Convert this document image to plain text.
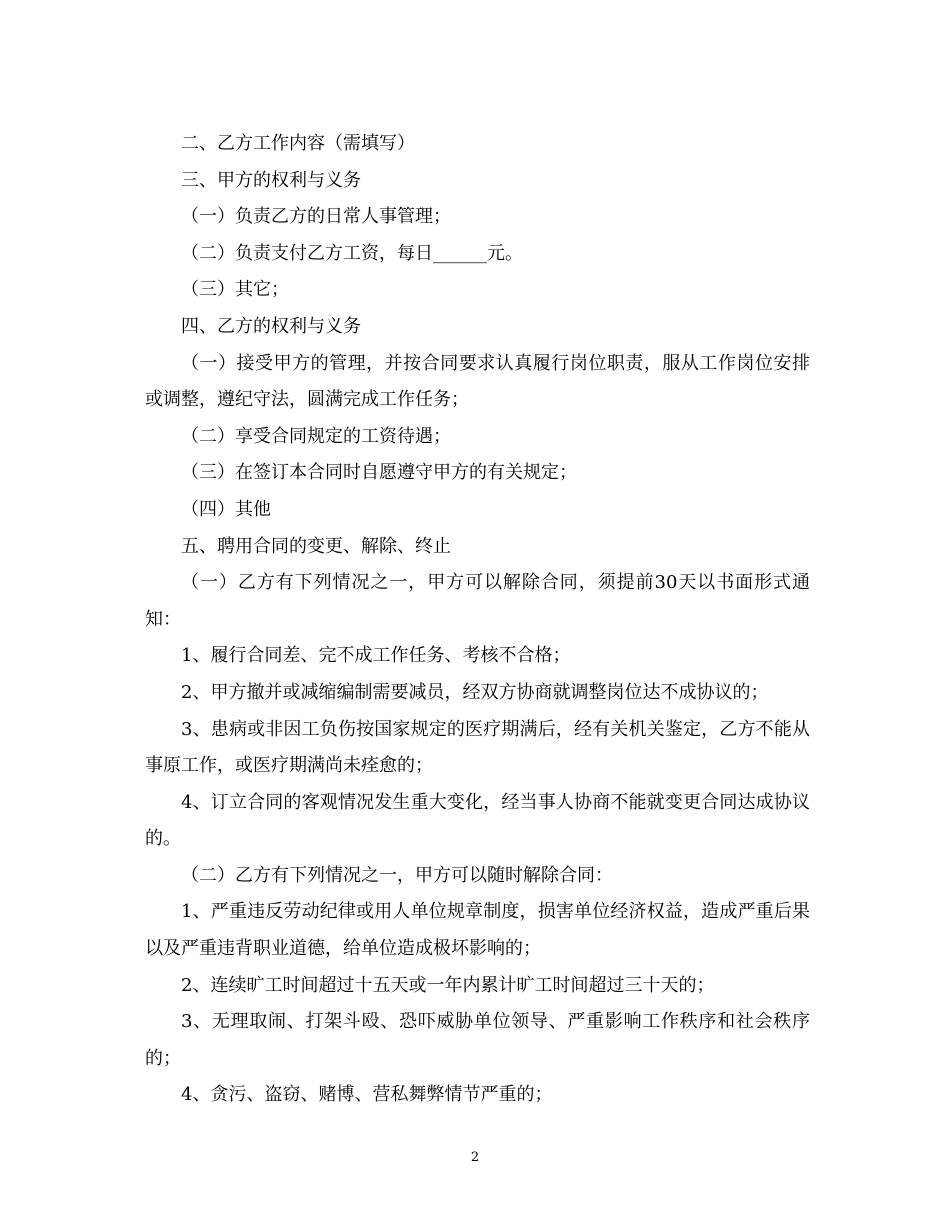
二、乙方工作内容（需填写）

三、甲方的权利与义务

（一）负责乙方的日常人事管理；

（二）负责支付乙方工资，每日______元。

（三）其它；

四、乙方的权利与义务

（一）接受甲方的管理，并按合同要求认真履行岗位职责，服从工作岗位安排或调整，遵纪守法，圆满完成工作任务；

（二）享受合同规定的工资待遇；

（三）在签订本合同时自愿遵守甲方的有关规定；

（四）其他

五、聘用合同的变更、解除、终止

（一）乙方有下列情况之一，甲方可以解除合同，须提前30天以书面形式通知：

1、履行合同差、完不成工作任务、考核不合格；

2、甲方撤并或减缩编制需要减员，经双方协商就调整岗位达不成协议的；

3、患病或非因工负伤按国家规定的医疗期满后，经有关机关鉴定，乙方不能从事原工作，或医疗期满尚未痊愈的；

4、订立合同的客观情况发生重大变化，经当事人协商不能就变更合同达成协议的。

（二）乙方有下列情况之一，甲方可以随时解除合同：

1、严重违反劳动纪律或用人单位规章制度，损害单位经济权益，造成严重后果以及严重违背职业道德，给单位造成极坏影响的；

2、连续旷工时间超过十五天或一年内累计旷工时间超过三十天的；

3、无理取闹、打架斗殴、恐吓威胁单位领导、严重影响工作秩序和社会秩序的；

4、贪污、盗窃、赌博、营私舞弊情节严重的；

2
